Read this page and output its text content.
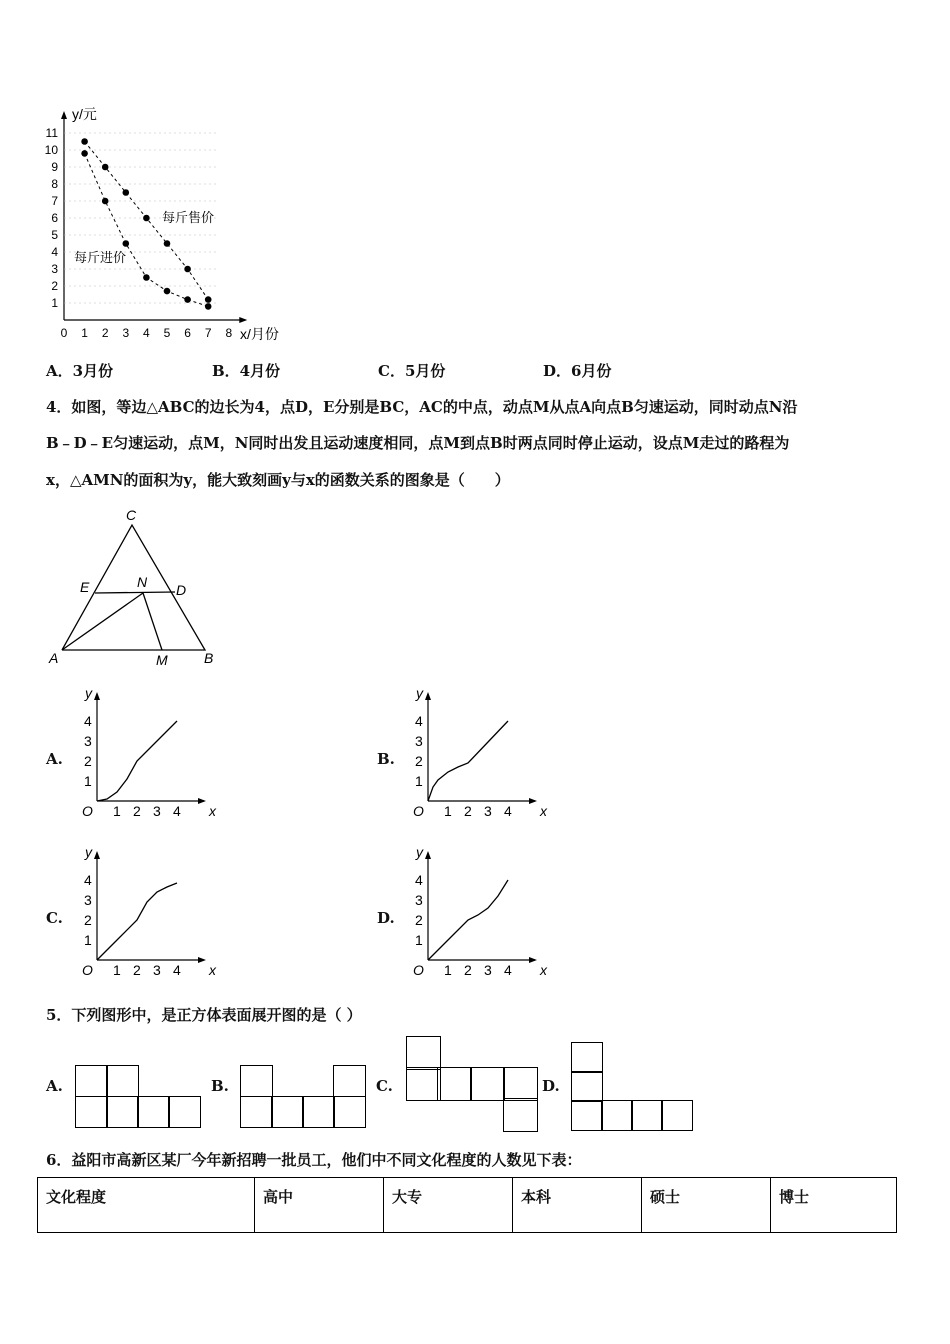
1
2
3
4
5
6
7
8
9
10
11
0 1 2 3 4 5 6 7 8
y/元
x/月份
每斤售价
每斤进价
A．3月份	B．4月份	C．5月份	D．6月份
4．如图，等边△ABC的边长为4，点D，E分别是BC，AC的中点，动点M从点A向点B匀速运动，同时动点N沿
B﹣D﹣E匀速运动，点M，N同时出发且运动速度相同，点M到点B时两点同时停止运动，设点M走过的路程为
x，△AMN的面积为y，能大致刻画y与x的函数关系的图象是（　　）
C
E	N D
A	M	B
A.	B.
C.	D.
y
x
O 1
1
2
2
3
3
4
4
y
x
O 1
1
2
2
3
3
4
4
y
x
O 1
1
2
2
3
3
4
4
y
x
O 1
1
2
2
3
3
4
4
5．下列图形中，是正方体表面展开图的是（ ）
A.	B.	C.	D.
6．益阳市高新区某厂今年新招聘一批员工，他们中不同文化程度的人数见下表：
文化程度	高中	大专	本科	硕士	博士
